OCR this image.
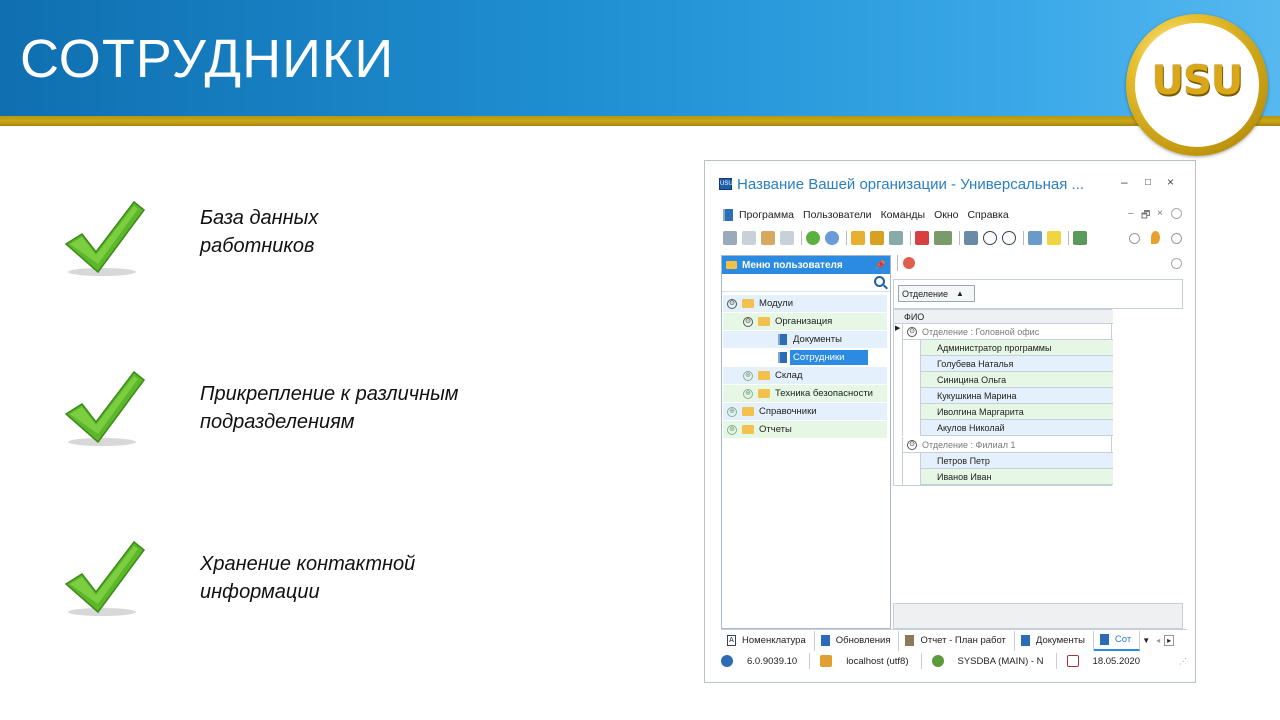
СОТРУДНИКИ	USU
База данных
работников
Прикрепление к различным
подразделениям
Хранение контактной
информации
USU Название Вашей организации - Универсальная ...	– □ ×
Программа Пользователи Команды Окно Справка	– 🗗 ×
Меню пользователя	📌
⊙	Модули
⊙	Организация
Документы
Сотрудники
⊕	Склад
⊕	Техника безопасности
⊕	Справочники
⊕	Отчеты
Отделение ▲
ФИО
▶	⊙ Отделение : Головной офис
Администратор программы
Голубева Наталья
Синицина Ольга
Кукушкина Марина
Иволгина Маргарита
Акулов Николай
⊙ Отделение : Филиал 1
Петров Петр
Иванов Иван
A Номенклатура	Обновления	Отчет - План работ	Документы	Сот ▼ ◂ ▸
6.0.9039.10	localhost (utf8)	SYSDBA (MAIN) - N	18.05.2020	⋰
